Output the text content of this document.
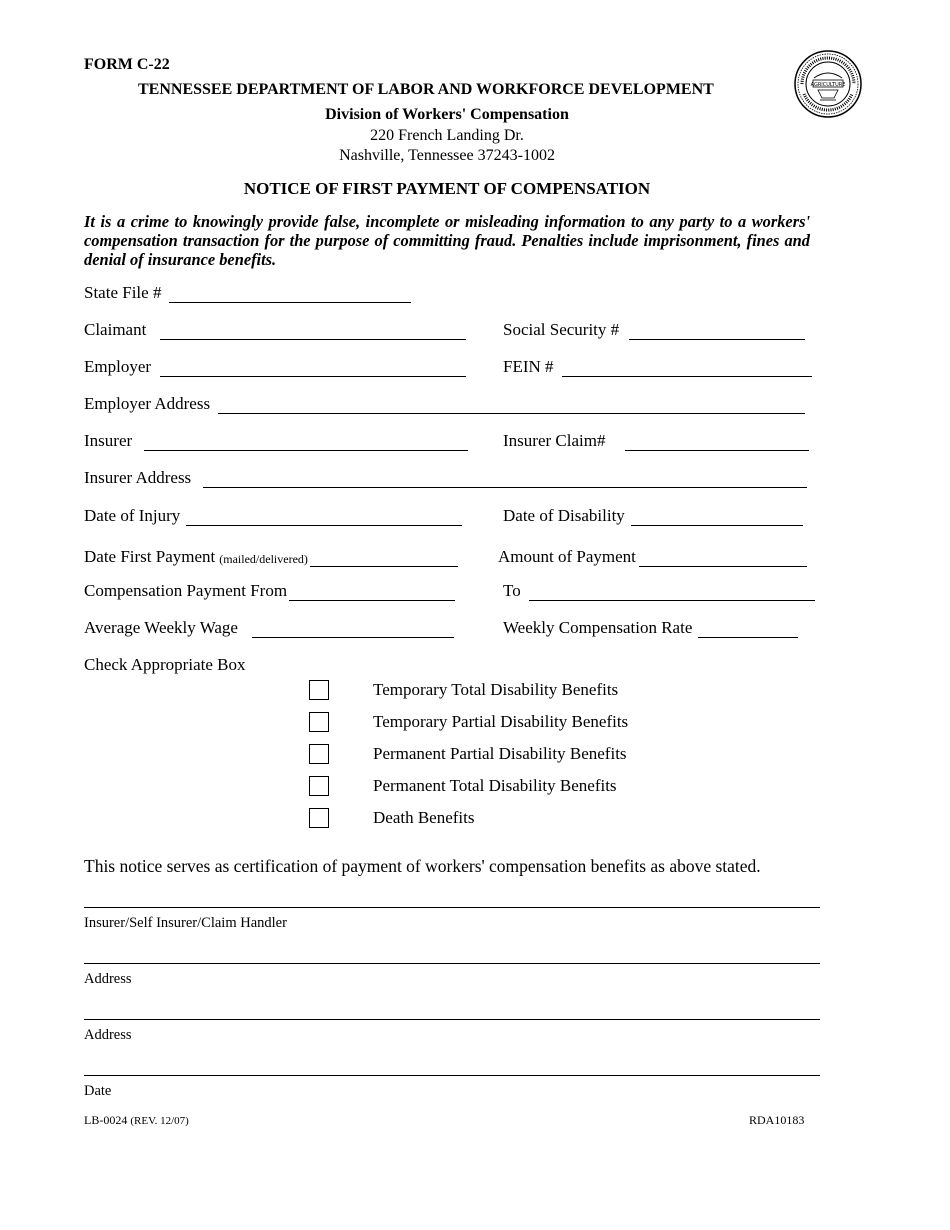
FORM C-22
TENNESSEE DEPARTMENT OF LABOR AND WORKFORCE DEVELOPMENT
Division of Workers' Compensation
220 French Landing Dr.
Nashville, Tennessee 37243-1002
NOTICE OF FIRST PAYMENT OF COMPENSATION
AGRICULTURE
It is a crime to knowingly provide false, incomplete or misleading information to any party to a workers' compensation transaction for the purpose of committing fraud. Penalties include imprisonment, fines and denial of insurance benefits.
State File #
Claimant	Social Security #
Employer	FEIN #
Employer Address
Insurer	Insurer Claim#
Insurer Address
Date of Injury	Date of Disability
Date First Payment (mailed/delivered)	Amount of Payment
Compensation Payment From	To
Average Weekly Wage	Weekly Compensation Rate
Check Appropriate Box
Temporary Total Disability Benefits
Temporary Partial Disability Benefits
Permanent Partial Disability Benefits
Permanent Total Disability Benefits
Death Benefits
This notice serves as certification of payment of workers' compensation benefits as above stated.
Insurer/Self Insurer/Claim Handler
Address
Address
Date
LB-0024 (REV. 12/07)	RDA10183
